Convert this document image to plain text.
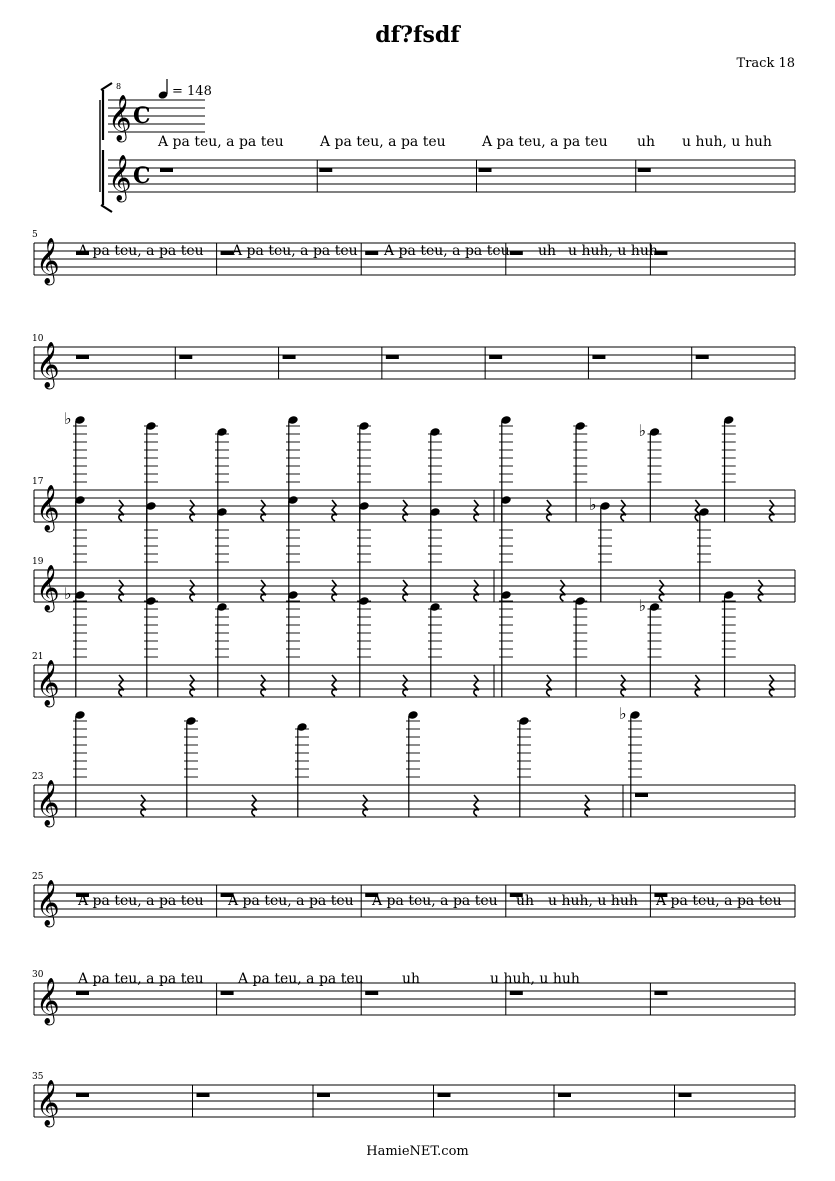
df?fsdf
Track 18
HamieNET.com
= 148
𝄞
8
C
𝄞 C
𝄞
5
𝄞
10
𝄞
17
♭
♭
𝄞
19
♭
𝄞
21
♭
♭
𝄞
23
♭
𝄞
25
𝄞
30
𝄞
35
A pa teu, a pa teu	A pa teu, a pa teu	A pa teu, a pa teu uh u huh, u huh
A pa teu, a pa teu A pa teu, a pa teu A pa teu, a pa teu uh u huh, u huh
A pa teu, a pa teu A pa teu, a pa teu A pa teu, a pa teu uh u huh, u huh A pa teu, a pa teu
A pa teu, a pa teu A pa teu, a pa teu	uh	u huh, u huh
